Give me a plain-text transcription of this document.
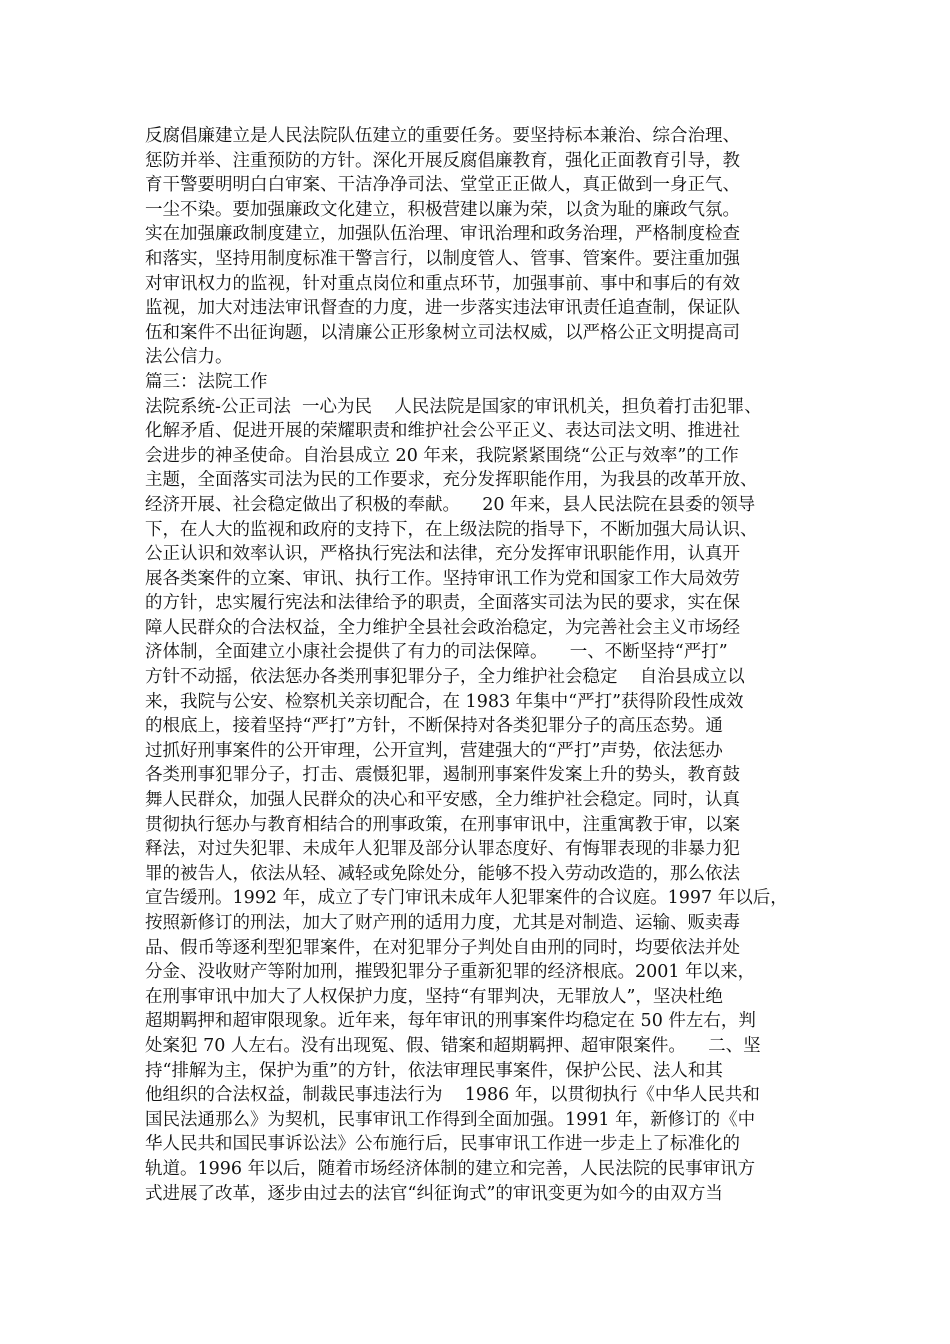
反腐倡廉建立是人民法院队伍建立的重要任务。要坚持标本兼治、综合治理、
惩防并举、注重预防的方针。深化开展反腐倡廉教育，强化正面教育引导，教
育干警要明明白白审案、干洁净净司法、堂堂正正做人，真正做到一身正气、
一尘不染。要加强廉政文化建立，积极营建以廉为荣，以贪为耻的廉政气氛。
实在加强廉政制度建立，加强队伍治理、审讯治理和政务治理，严格制度检查
和落实，坚持用制度标准干警言行，以制度管人、管事、管案件。要注重加强
对审讯权力的监视，针对重点岗位和重点环节，加强事前、事中和事后的有效
监视，加大对违法审讯督查的力度，进一步落实违法审讯责任追查制，保证队
伍和案件不出征询题，以清廉公正形象树立司法权威，以严格公正文明提高司
法公信力。
篇三：法院工作
法院系统-公正司法  一心为民    人民法院是国家的审讯机关，担负着打击犯罪、
化解矛盾、促进开展的荣耀职责和维护社会公平正义、表达司法文明、推进社
会进步的神圣使命。自治县成立 20 年来，我院紧紧围绕“公正与效率”的工作
主题，全面落实司法为民的工作要求，充分发挥职能作用，为我县的改革开放、
经济开展、社会稳定做出了积极的奉献。    20 年来，县人民法院在县委的领导
下，在人大的监视和政府的支持下，在上级法院的指导下，不断加强大局认识、
公正认识和效率认识，严格执行宪法和法律，充分发挥审讯职能作用，认真开
展各类案件的立案、审讯、执行工作。坚持审讯工作为党和国家工作大局效劳
的方针，忠实履行宪法和法律给予的职责，全面落实司法为民的要求，实在保
障人民群众的合法权益，全力维护全县社会政治稳定，为完善社会主义市场经
济体制，全面建立小康社会提供了有力的司法保障。    一、不断坚持“严打”
方针不动摇，依法惩办各类刑事犯罪分子，全力维护社会稳定    自治县成立以
来，我院与公安、检察机关亲切配合，在 1983 年集中“严打”获得阶段性成效
的根底上，接着坚持“严打”方针，不断保持对各类犯罪分子的高压态势。通
过抓好刑事案件的公开审理，公开宣判，营建强大的“严打”声势，依法惩办
各类刑事犯罪分子，打击、震慑犯罪，遏制刑事案件发案上升的势头，教育鼓
舞人民群众，加强人民群众的决心和平安感，全力维护社会稳定。同时，认真
贯彻执行惩办与教育相结合的刑事政策，在刑事审讯中，注重寓教于审，以案
释法，对过失犯罪、未成年人犯罪及部分认罪态度好、有悔罪表现的非暴力犯
罪的被告人，依法从轻、减轻或免除处分，能够不投入劳动改造的，那么依法
宣告缓刑。1992 年，成立了专门审讯未成年人犯罪案件的合议庭。1997 年以后，
按照新修订的刑法，加大了财产刑的适用力度，尤其是对制造、运输、贩卖毒
品、假币等逐利型犯罪案件，在对犯罪分子判处自由刑的同时，均要依法并处
分金、没收财产等附加刑，摧毁犯罪分子重新犯罪的经济根底。2001 年以来，
在刑事审讯中加大了人权保护力度，坚持“有罪判决，无罪放人”，坚决杜绝
超期羁押和超审限现象。近年来，每年审讯的刑事案件均稳定在 50 件左右，判
处案犯 70 人左右。没有出现冤、假、错案和超期羁押、超审限案件。    二、坚
持“排解为主，保护为重”的方针，依法审理民事案件，保护公民、法人和其
他组织的合法权益，制裁民事违法行为    1986 年，以贯彻执行《中华人民共和
国民法通那么》为契机，民事审讯工作得到全面加强。1991 年，新修订的《中
华人民共和国民事诉讼法》公布施行后，民事审讯工作进一步走上了标准化的
轨道。1996 年以后，随着市场经济体制的建立和完善，人民法院的民事审讯方
式进展了改革，逐步由过去的法官“纠征询式”的审讯变更为如今的由双方当
